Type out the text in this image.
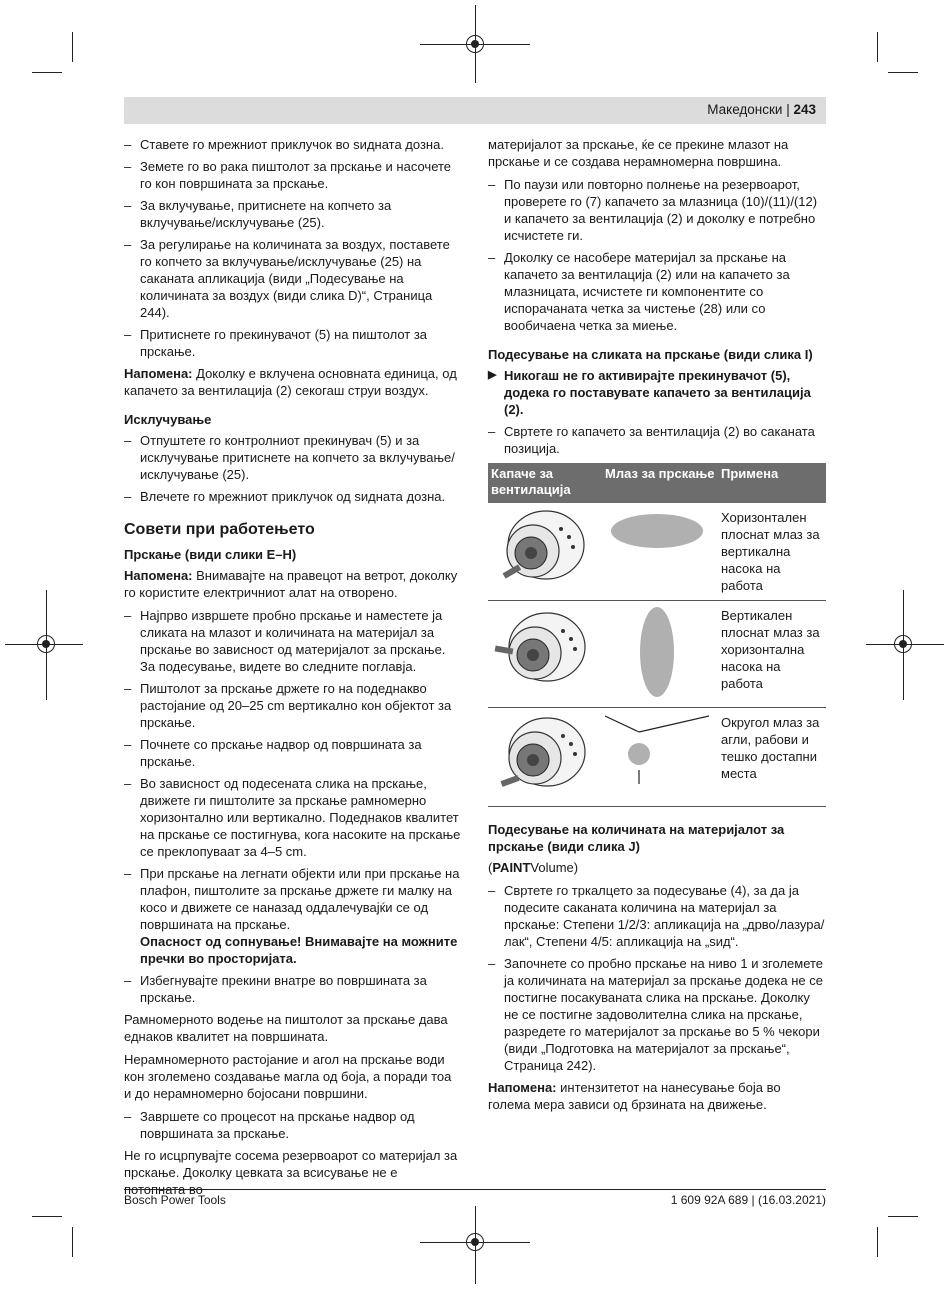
Македонски | 243
– Ставете го мрежниот приклучок во ѕидната дозна.
– Земете го во рака пиштолот за прскање и насочете го кон површината за прскање.
– За вклучување, притиснете на копчето за вклучување/исклучување (25).
– За регулирање на количината за воздух, поставете го копчето за вклучување/исклучување (25) на саканата апликација (види „Подесување на количината за воздух (види слика D)“, Страница 244).
– Притиснете го прекинувачот (5) на пиштолот за прскање.

Напомена: Доколку е вклучена основната единица, од капачето за вентилација (2) секогаш струи воздух.

Исклучување
– Отпуштете го контролниот прекинувач (5) и за исклучување притиснете на копчето за вклучување/исклучување (25).
– Влечете го мрежниот приклучок од ѕидната дозна.
Совети при работењето
Прскање (види слики E–H)

Напомена: Внимавајте на правецот на ветрот, доколку го користите електричниот алат на отворено.

– Најпрво извршете пробно прскање и наместете ја сликата на млазот и количината на материјал за прскање во зависност од материјалот за прскање. За подесување, видете во следните поглавја.
– Пиштолот за прскање држете го на подеднакво растојание од 20–25 cm вертикално кон објектот за прскање.
– Почнете со прскање надвор од површината за прскање.
– Во зависност од подесената слика на прскање, движете ги пиштолите за прскање рамномерно хоризонтално или вертикално. Подеднаков квалитет на прскање се постигнува, кога насоките на прскање се преклопуваат за 4–5 cm.
– При прскање на легнати објекти или при прскање на плафон, пиштолите за прскање држете ги малку на косо и движете се наназад оддалечувајќи се од површината на прскање.
Опасност од сопнување! Внимавајте на можните пречки во просторијата.
– Избегнувајте прекини внатре во површината за прскање.

Рамномерното водење на пиштолот за прскање дава еднаков квалитет на површината.

Нерамномерното растојание и агол на прскање води кон зголемено создавање магла од боја, а поради тоа и до нерамномерно бојосани површини.

– Завршете со процесот на прскање надвор од површината за прскање.

Не го исцрпувајте сосема резервоарот со материјал за прскање. Доколку цевката за всисување не е потопната во

материјалот за прскање, ќе се прекине млазот на прскање и се создава нерамномерна површина.

– По паузи или повторно полнење на резервоарот, проверете го (7) капачето за млазница (10)/(11)/(12) и капачето за вентилација (2) и доколку е потребно исчистете ги.
– Доколку се насобере материјал за прскање на капачето за вентилација (2) или на капачето за млазницата, исчистете ги компонентите со испорачаната четка за чистење (28) или со вообичаена четка за миење.
Подесување на сликата на прскање (види слика I)
▶ Никогаш не го активирајте прекинувачот (5), додека го поставувате капачето за вентилација (2).
– Свртете го капачето за вентилација (2) во саканата позиција.
Капаче за вентилација	Млаз за прскање	Примена
		Хоризонтален плоснат млаз за вертикална насока на работа
		Вертикален плоснат млаз за хоризонтална насока на работа
		Округол млаз за агли, рабови и тешко достапни места
Подесување на количината на материјалот за прскање (види слика J)

(PAINTVolume)

– Свртете го тркалцето за подесување (4), за да ја подесите саканата количина на материјал за прскање: Степени 1/2/3: апликација на „дрво/лазура/лак“, Степени 4/5: апликација на „ѕид“.
– Започнете со пробно прскање на ниво 1 и зголемете ја количината на материјал за прскање додека не се постигне посакуваната слика на прскање. Доколку не се постигне задоволителна слика на прскање, разредете го материјалот за прскање во 5 % чекори (види „Подготовка на материјалот за прскање“, Страница 242).

Напомена: интензитетот на нанесување боја во голема мера зависи од брзината на движење.

Bosch Power Tools	1 609 92A 689 | (16.03.2021)
